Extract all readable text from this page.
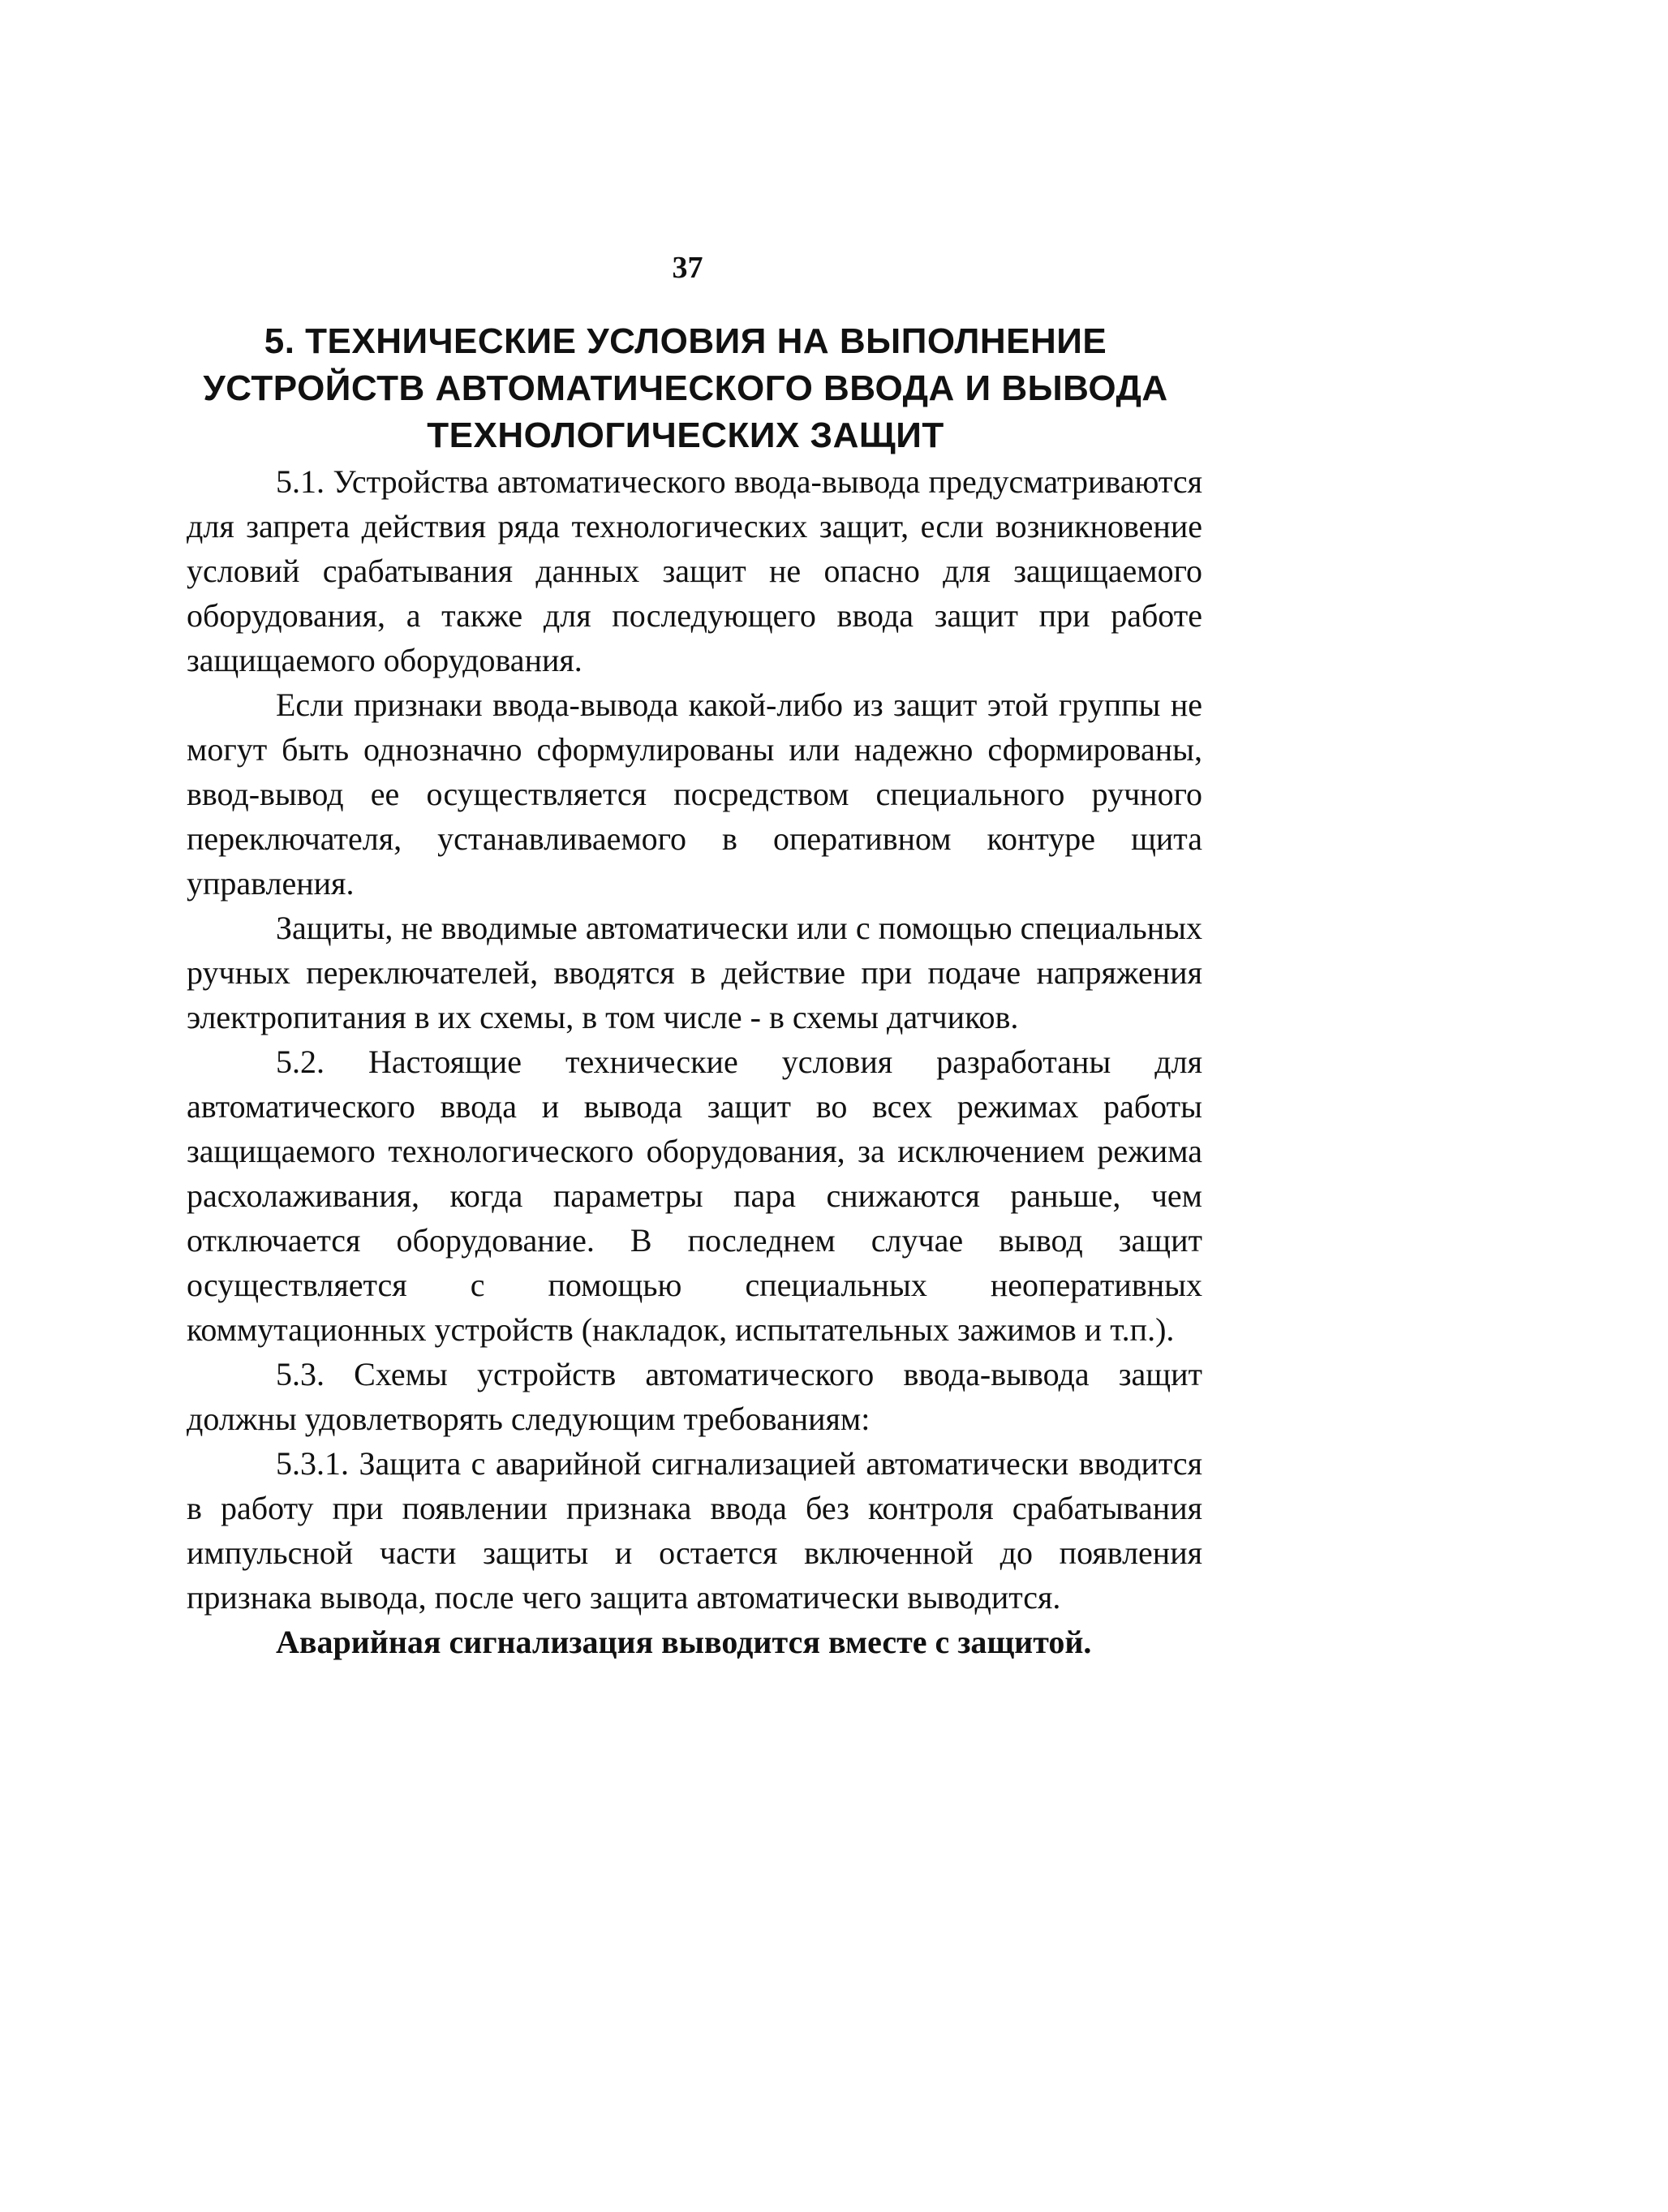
37
5. ТЕХНИЧЕСКИЕ УСЛОВИЯ НА ВЫПОЛНЕНИЕ
УСТРОЙСТВ АВТОМАТИЧЕСКОГО ВВОДА И ВЫВОДА
ТЕХНОЛОГИЧЕСКИХ ЗАЩИТ

5.1. Устройства автоматического ввода-вывода предусматриваются для запрета действия ряда технологических защит, если возникновение условий срабатывания данных защит не опасно для защищаемого оборудования, а также для последующего ввода защит при работе защищаемого оборудования.

Если признаки ввода-вывода какой-либо из защит этой группы не могут быть однозначно сформулированы или надежно сформированы, ввод-вывод ее осуществляется посредством специального ручного переключателя, устанавливаемого в оперативном контуре щита управления.

Защиты, не вводимые автоматически или с помощью специальных ручных переключателей, вводятся в действие при подаче напряжения электропитания в их схемы, в том числе - в схемы датчиков.

5.2. Настоящие технические условия разработаны для автоматического ввода и вывода защит во всех режимах работы защищаемого технологического оборудования, за исключением режима расхолаживания, когда параметры пара снижаются раньше, чем отключается оборудование. В последнем случае вывод защит осуществляется с помощью специальных неоперативных коммутационных устройств (накладок, испытательных зажимов и т.п.).

5.3. Схемы устройств автоматического ввода-вывода защит должны удовлетворять следующим требованиям:

5.3.1. Защита с аварийной сигнализацией автоматически вводится в работу при появлении признака ввода без контроля срабатывания импульсной части защиты и остается включенной до появления признака вывода, после чего защита автоматически выводится.

Аварийная сигнализация выводится вместе с защитой.
